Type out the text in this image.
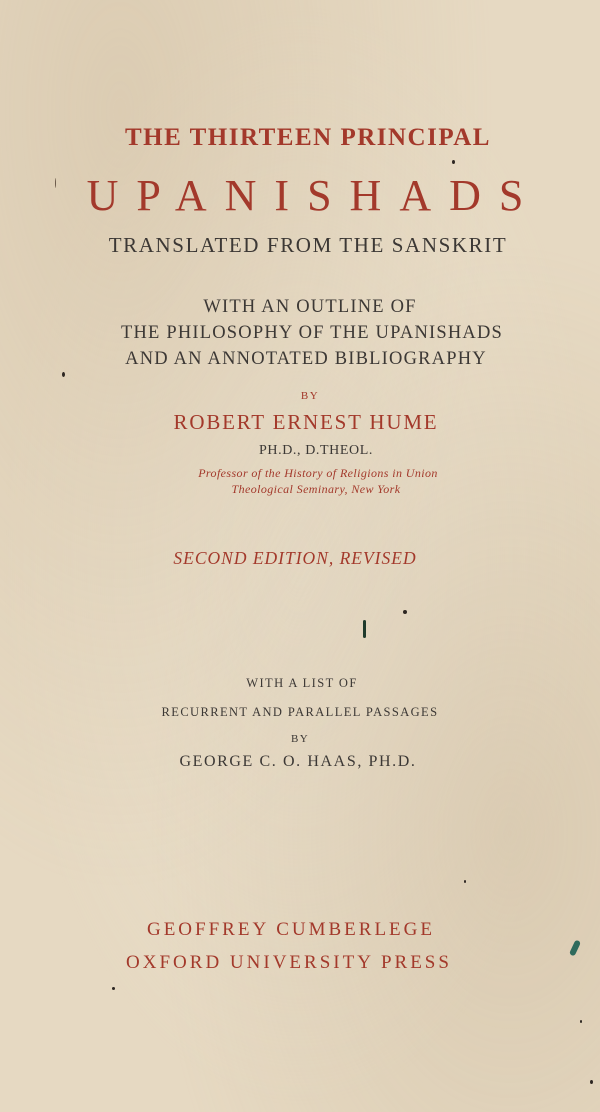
THE THIRTEEN PRINCIPAL
UPANISHADS
TRANSLATED FROM THE SANSKRIT
WITH AN OUTLINE OF
THE PHILOSOPHY OF THE UPANISHADS
AND AN ANNOTATED BIBLIOGRAPHY
BY
ROBERT ERNEST HUME
PH.D., D.THEOL.
Professor of the History of Religions in Union
Theological Seminary, New York
SECOND EDITION, REVISED
WITH A LIST OF
RECURRENT AND PARALLEL PASSAGES
BY
GEORGE C. O. HAAS, PH.D.
GEOFFREY CUMBERLEGE
OXFORD UNIVERSITY PRESS
